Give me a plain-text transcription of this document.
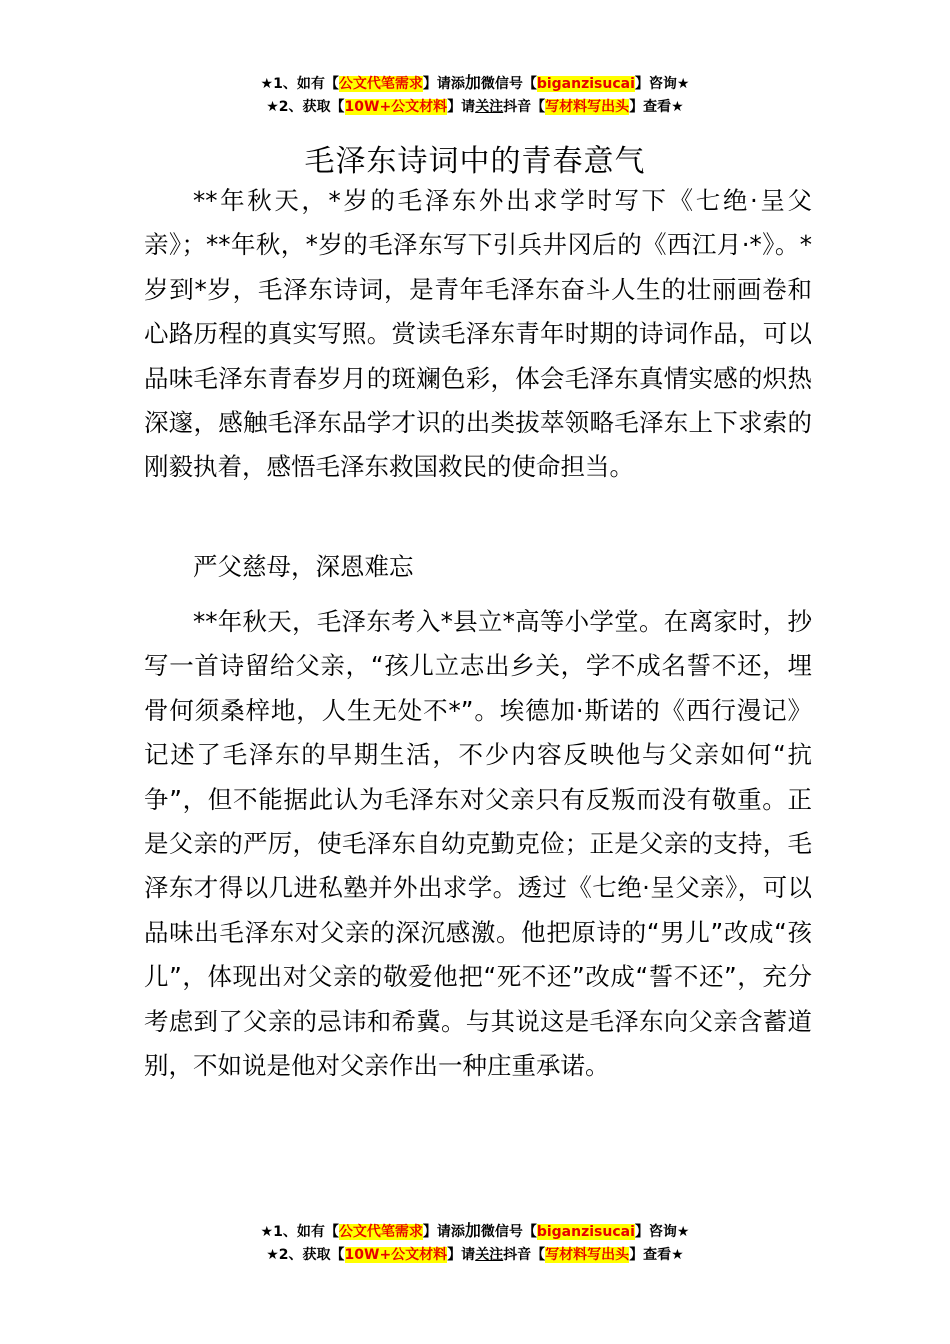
★1、如有【公文代笔需求】请添加微信号【biganzisucai】咨询★
★2、获取【10W+公文材料】请关注抖音【写材料写出头】查看★
毛泽东诗词中的青春意气

**年秋天，*岁的毛泽东外出求学时写下《七绝·呈父亲》；**年秋，*岁的毛泽东写下引兵井冈后的《西江月·*》。*岁到*岁，毛泽东诗词，是青年毛泽东奋斗人生的壮丽画卷和心路历程的真实写照。赏读毛泽东青年时期的诗词作品，可以品味毛泽东青春岁月的斑斓色彩，体会毛泽东真情实感的炽热深邃，感触毛泽东品学才识的出类拔萃领略毛泽东上下求索的刚毅执着，感悟毛泽东救国救民的使命担当。

严父慈母，深恩难忘

**年秋天，毛泽东考入*县立*高等小学堂。在离家时，抄写一首诗留给父亲，“孩儿立志出乡关，学不成名誓不还，埋骨何须桑梓地，人生无处不*”。埃德加·斯诺的《西行漫记》记述了毛泽东的早期生活，不少内容反映他与父亲如何“抗争”，但不能据此认为毛泽东对父亲只有反叛而没有敬重。正是父亲的严厉，使毛泽东自幼克勤克俭；正是父亲的支持，毛泽东才得以几进私塾并外出求学。透过《七绝·呈父亲》，可以品味出毛泽东对父亲的深沉感激。他把原诗的“男儿”改成“孩儿”，体现出对父亲的敬爱他把“死不还”改成“誓不还”，充分考虑到了父亲的忌讳和希冀。与其说这是毛泽东向父亲含蓄道别，不如说是他对父亲作出一种庄重承诺。

★1、如有【公文代笔需求】请添加微信号【biganzisucai】咨询★
★2、获取【10W+公文材料】请关注抖音【写材料写出头】查看★
